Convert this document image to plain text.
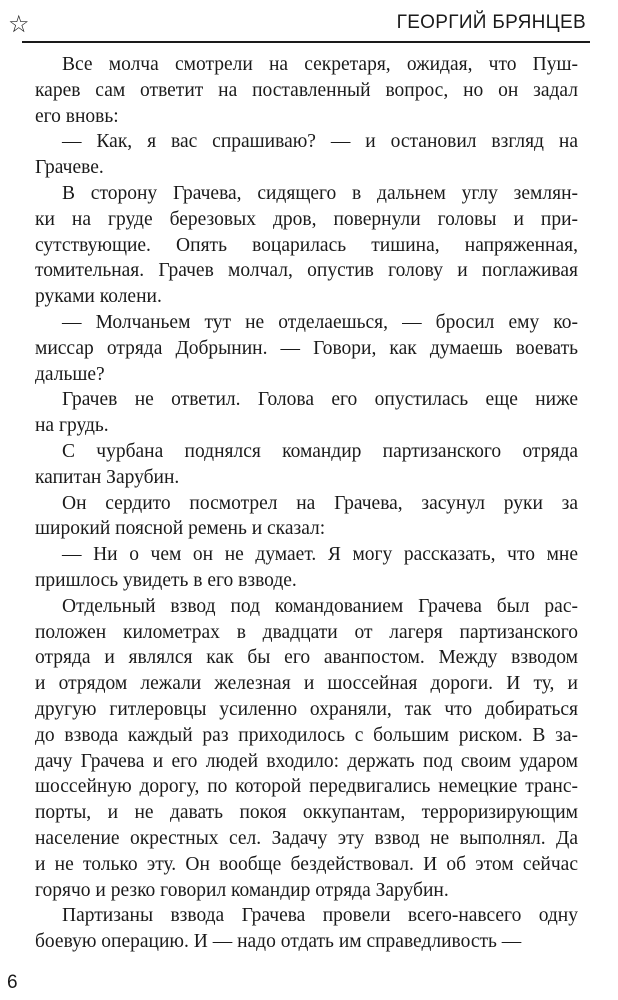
☆	ГЕОРГИЙ БРЯНЦЕВ
Все молча смотрели на секретаря, ожидая, что Пуш-
карев сам ответит на поставленный вопрос, но он задал
его вновь:
— Как, я вас спрашиваю? — и остановил взгляд на
Грачеве.
В сторону Грачева, сидящего в дальнем углу землян-
ки на груде березовых дров, повернули головы и при-
сутствующие. Опять воцарилась тишина, напряженная,
томительная. Грачев молчал, опустив голову и поглаживая
руками колени.
— Молчаньем тут не отделаешься, — бросил ему ко-
миссар отряда Добрынин. — Говори, как думаешь воевать
дальше?
Грачев не ответил. Голова его опустилась еще ниже
на грудь.
С чурбана поднялся командир партизанского отряда
капитан Зарубин.
Он сердито посмотрел на Грачева, засунул руки за
широкий поясной ремень и сказал:
— Ни о чем он не думает. Я могу рассказать, что мне
пришлось увидеть в его взводе.
Отдельный взвод под командованием Грачева был рас-
положен километрах в двадцати от лагеря партизанского
отряда и являлся как бы его аванпостом. Между взводом
и отрядом лежали железная и шоссейная дороги. И ту, и
другую гитлеровцы усиленно охраняли, так что добираться
до взвода каждый раз приходилось с большим риском. В за-
дачу Грачева и его людей входило: держать под своим ударом
шоссейную дорогу, по которой передвигались немецкие транс-
порты, и не давать покоя оккупантам, терроризирующим
население окрестных сел. Задачу эту взвод не выполнял. Да
и не только эту. Он вообще бездействовал. И об этом сейчас
горячо и резко говорил командир отряда Зарубин.
Партизаны взвода Грачева провели всего-навсего одну
боевую операцию. И — надо отдать им справедливость —
6
